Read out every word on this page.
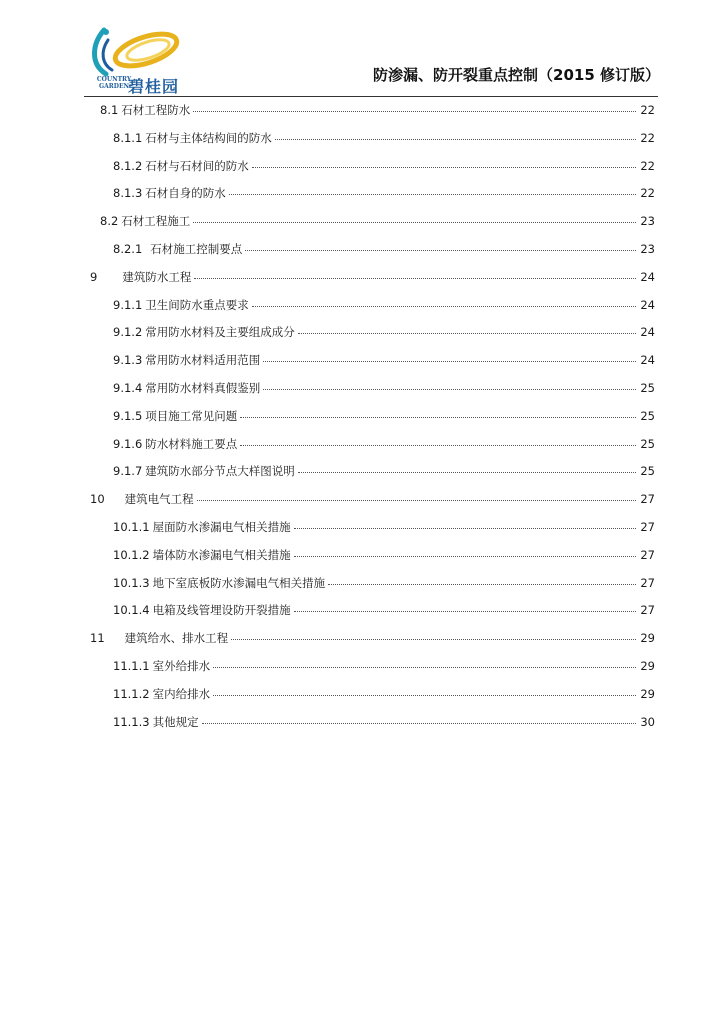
COUNTRY GARDEN
碧桂园
防渗漏、防开裂重点控制（2015 修订版）
8.1 石材工程防水	22
8.1.1 石材与主体结构间的防水	22
8.1.2 石材与石材间的防水	22
8.1.3 石材自身的防水	22
8.2 石材工程施工	23
8.2.1 石材施工控制要点	23
9 建筑防水工程	24
9.1.1 卫生间防水重点要求	24
9.1.2 常用防水材料及主要组成成分	24
9.1.3 常用防水材料适用范围	24
9.1.4 常用防水材料真假鉴别	25
9.1.5 项目施工常见问题	25
9.1.6 防水材料施工要点	25
9.1.7 建筑防水部分节点大样图说明	25
10 建筑电气工程	27
10.1.1 屋面防水渗漏电气相关措施	27
10.1.2 墙体防水渗漏电气相关措施	27
10.1.3 地下室底板防水渗漏电气相关措施	27
10.1.4 电箱及线管埋设防开裂措施	27
11 建筑给水、排水工程	29
11.1.1 室外给排水	29
11.1.2 室内给排水	29
11.1.3 其他规定	30
